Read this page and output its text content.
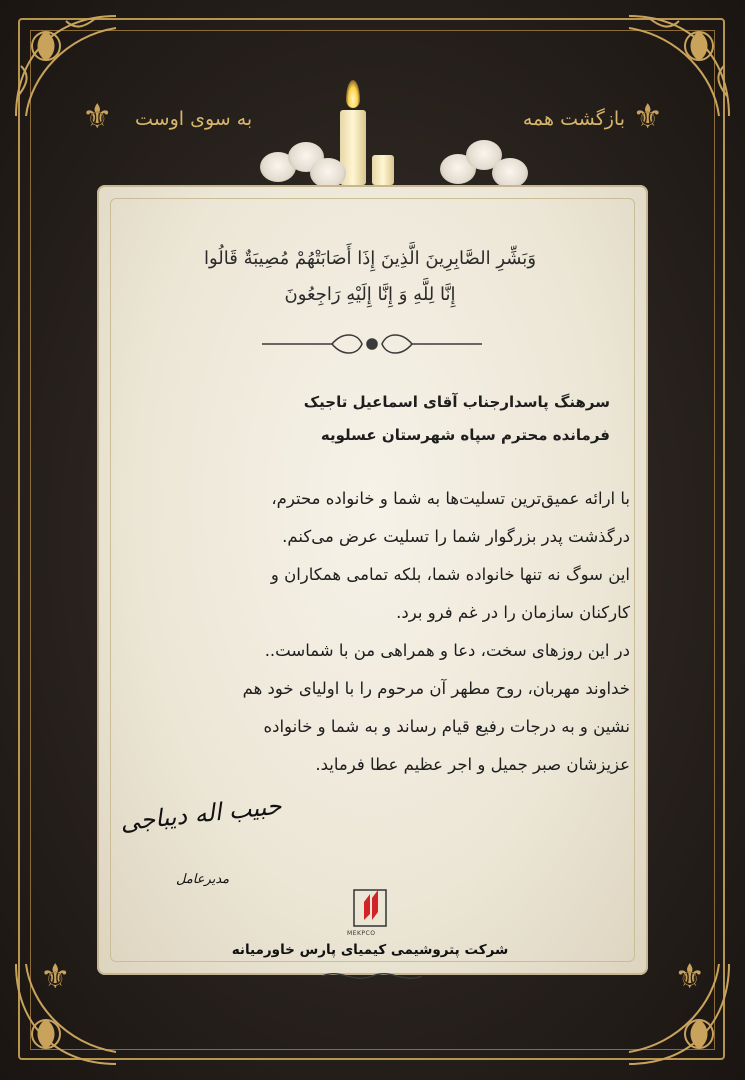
⚜	⚜
⚜	⚜
بازگشت همه
به سوی اوست
وَبَشِّرِ الصَّابِرِينَ الَّذِينَ إِذَا أَصَابَتْهُمْ مُصِيبَةٌ قَالُوا
إِنَّا لِلَّهِ وَ إِنَّا إِلَيْهِ رَاجِعُونَ
سرهنگ پاسدارجناب آقای اسماعیل تاجیک
فرمانده محترم سپاه شهرستان عسلویه

با ارائه عمیق‌ترین تسلیت‌ها به شما و خانواده محترم،

درگذشت پدر بزرگوار شما را تسلیت عرض می‌کنم.

این سوگ نه تنها خانواده شما، بلکه تمامی همکاران و

کارکنان سازمان را در غم فرو برد.

در این روزهای سخت، دعا و همراهی من با شماست..

خداوند مهربان، روح مطهر آن مرحوم را با اولیای خود هم

نشین و به درجات رفیع قیام رساند و به شما و خانواده

عزیزشان صبر جمیل و اجر عظیم عطا فرماید.

حبیب اله دیباجی
مدیرعامل
MEKPCO
شرکت پتروشیمی کیمیای پارس خاورمیانه
